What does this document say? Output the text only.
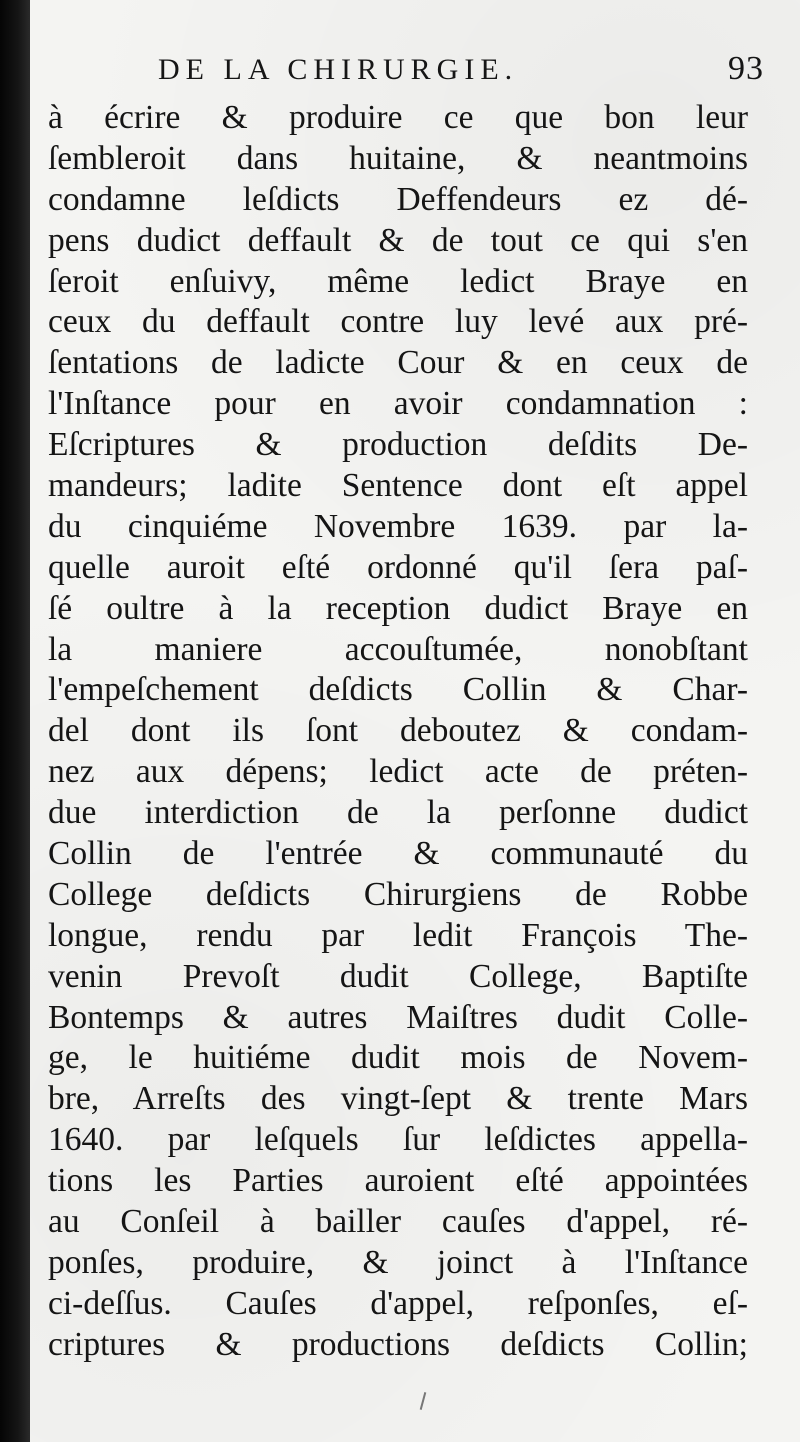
DE LA CHIRURGIE.	93
à écrire & produire ce que bon leur
ſembleroit dans huitaine, & neantmoins
condamne leſdicts Deffendeurs ez dé-
pens dudict deffault & de tout ce qui s'en
ſeroit enſuivy, même ledict Braye en
ceux du deffault contre luy levé aux pré-
ſentations de ladicte Cour & en ceux de
l'Inſtance pour en avoir condamnation :
Eſcriptures & production deſdits De-
mandeurs; ladite Sentence dont eſt appel
du cinquiéme Novembre 1639. par la-
quelle auroit eſté ordonné qu'il ſera paſ-
ſé oultre à la reception dudict Braye en
la maniere accouſtumée, nonobſtant
l'empeſchement deſdicts Collin & Char-
del dont ils ſont deboutez & condam-
nez aux dépens; ledict acte de préten-
due interdiction de la perſonne dudict
Collin de l'entrée & communauté du
College deſdicts Chirurgiens de Robbe
longue, rendu par ledit François The-
venin Prevoſt dudit College, Baptiſte
Bontemps & autres Maiſtres dudit Colle-
ge, le huitiéme dudit mois de Novem-
bre, Arreſts des vingt-ſept & trente Mars
1640. par leſquels ſur leſdictes appella-
tions les Parties auroient eſté appointées
au Conſeil à bailler cauſes d'appel, ré-
ponſes, produire, & joinct à l'Inſtance
ci-deſſus. Cauſes d'appel, reſponſes, eſ-
criptures & productions deſdicts Collin;
